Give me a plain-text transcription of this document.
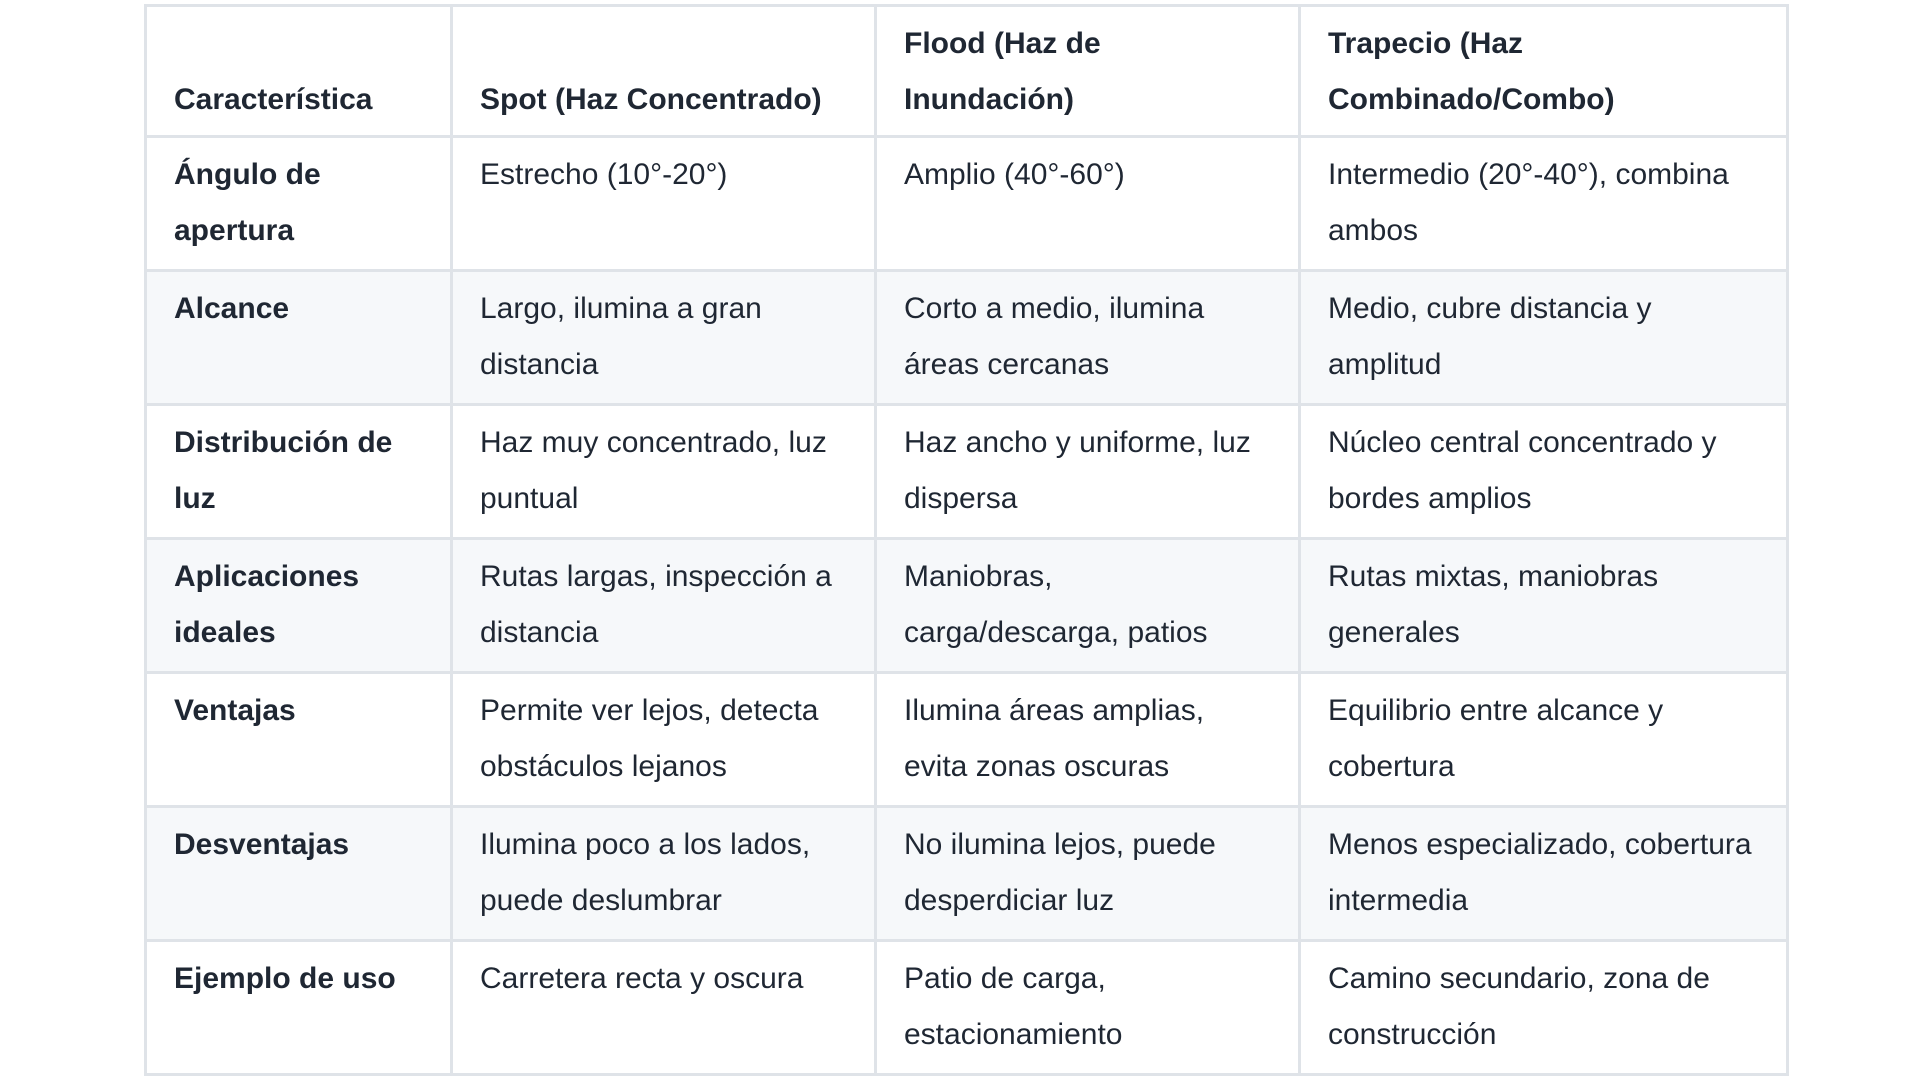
Característica	Spot (Haz Concentrado)	Flood (Haz de Inundación)	Trapecio (Haz Combinado/Combo)
Ángulo de apertura	Estrecho (10°-20°)	Amplio (40°-60°)	Intermedio (20°-40°), combina ambos
Alcance	Largo, ilumina a gran distancia	Corto a medio, ilumina áreas cercanas	Medio, cubre distancia y amplitud
Distribución de luz	Haz muy concentrado, luz puntual	Haz ancho y uniforme, luz dispersa	Núcleo central concentrado y bordes amplios
Aplicaciones ideales	Rutas largas, inspección a distancia	Maniobras, carga/descarga, patios	Rutas mixtas, maniobras generales
Ventajas	Permite ver lejos, detecta obstáculos lejanos	Ilumina áreas amplias, evita zonas oscuras	Equilibrio entre alcance y cobertura
Desventajas	Ilumina poco a los lados, puede deslumbrar	No ilumina lejos, puede desperdiciar luz	Menos especializado, cobertura intermedia
Ejemplo de uso	Carretera recta y oscura	Patio de carga, estacionamiento	Camino secundario, zona de construcción
